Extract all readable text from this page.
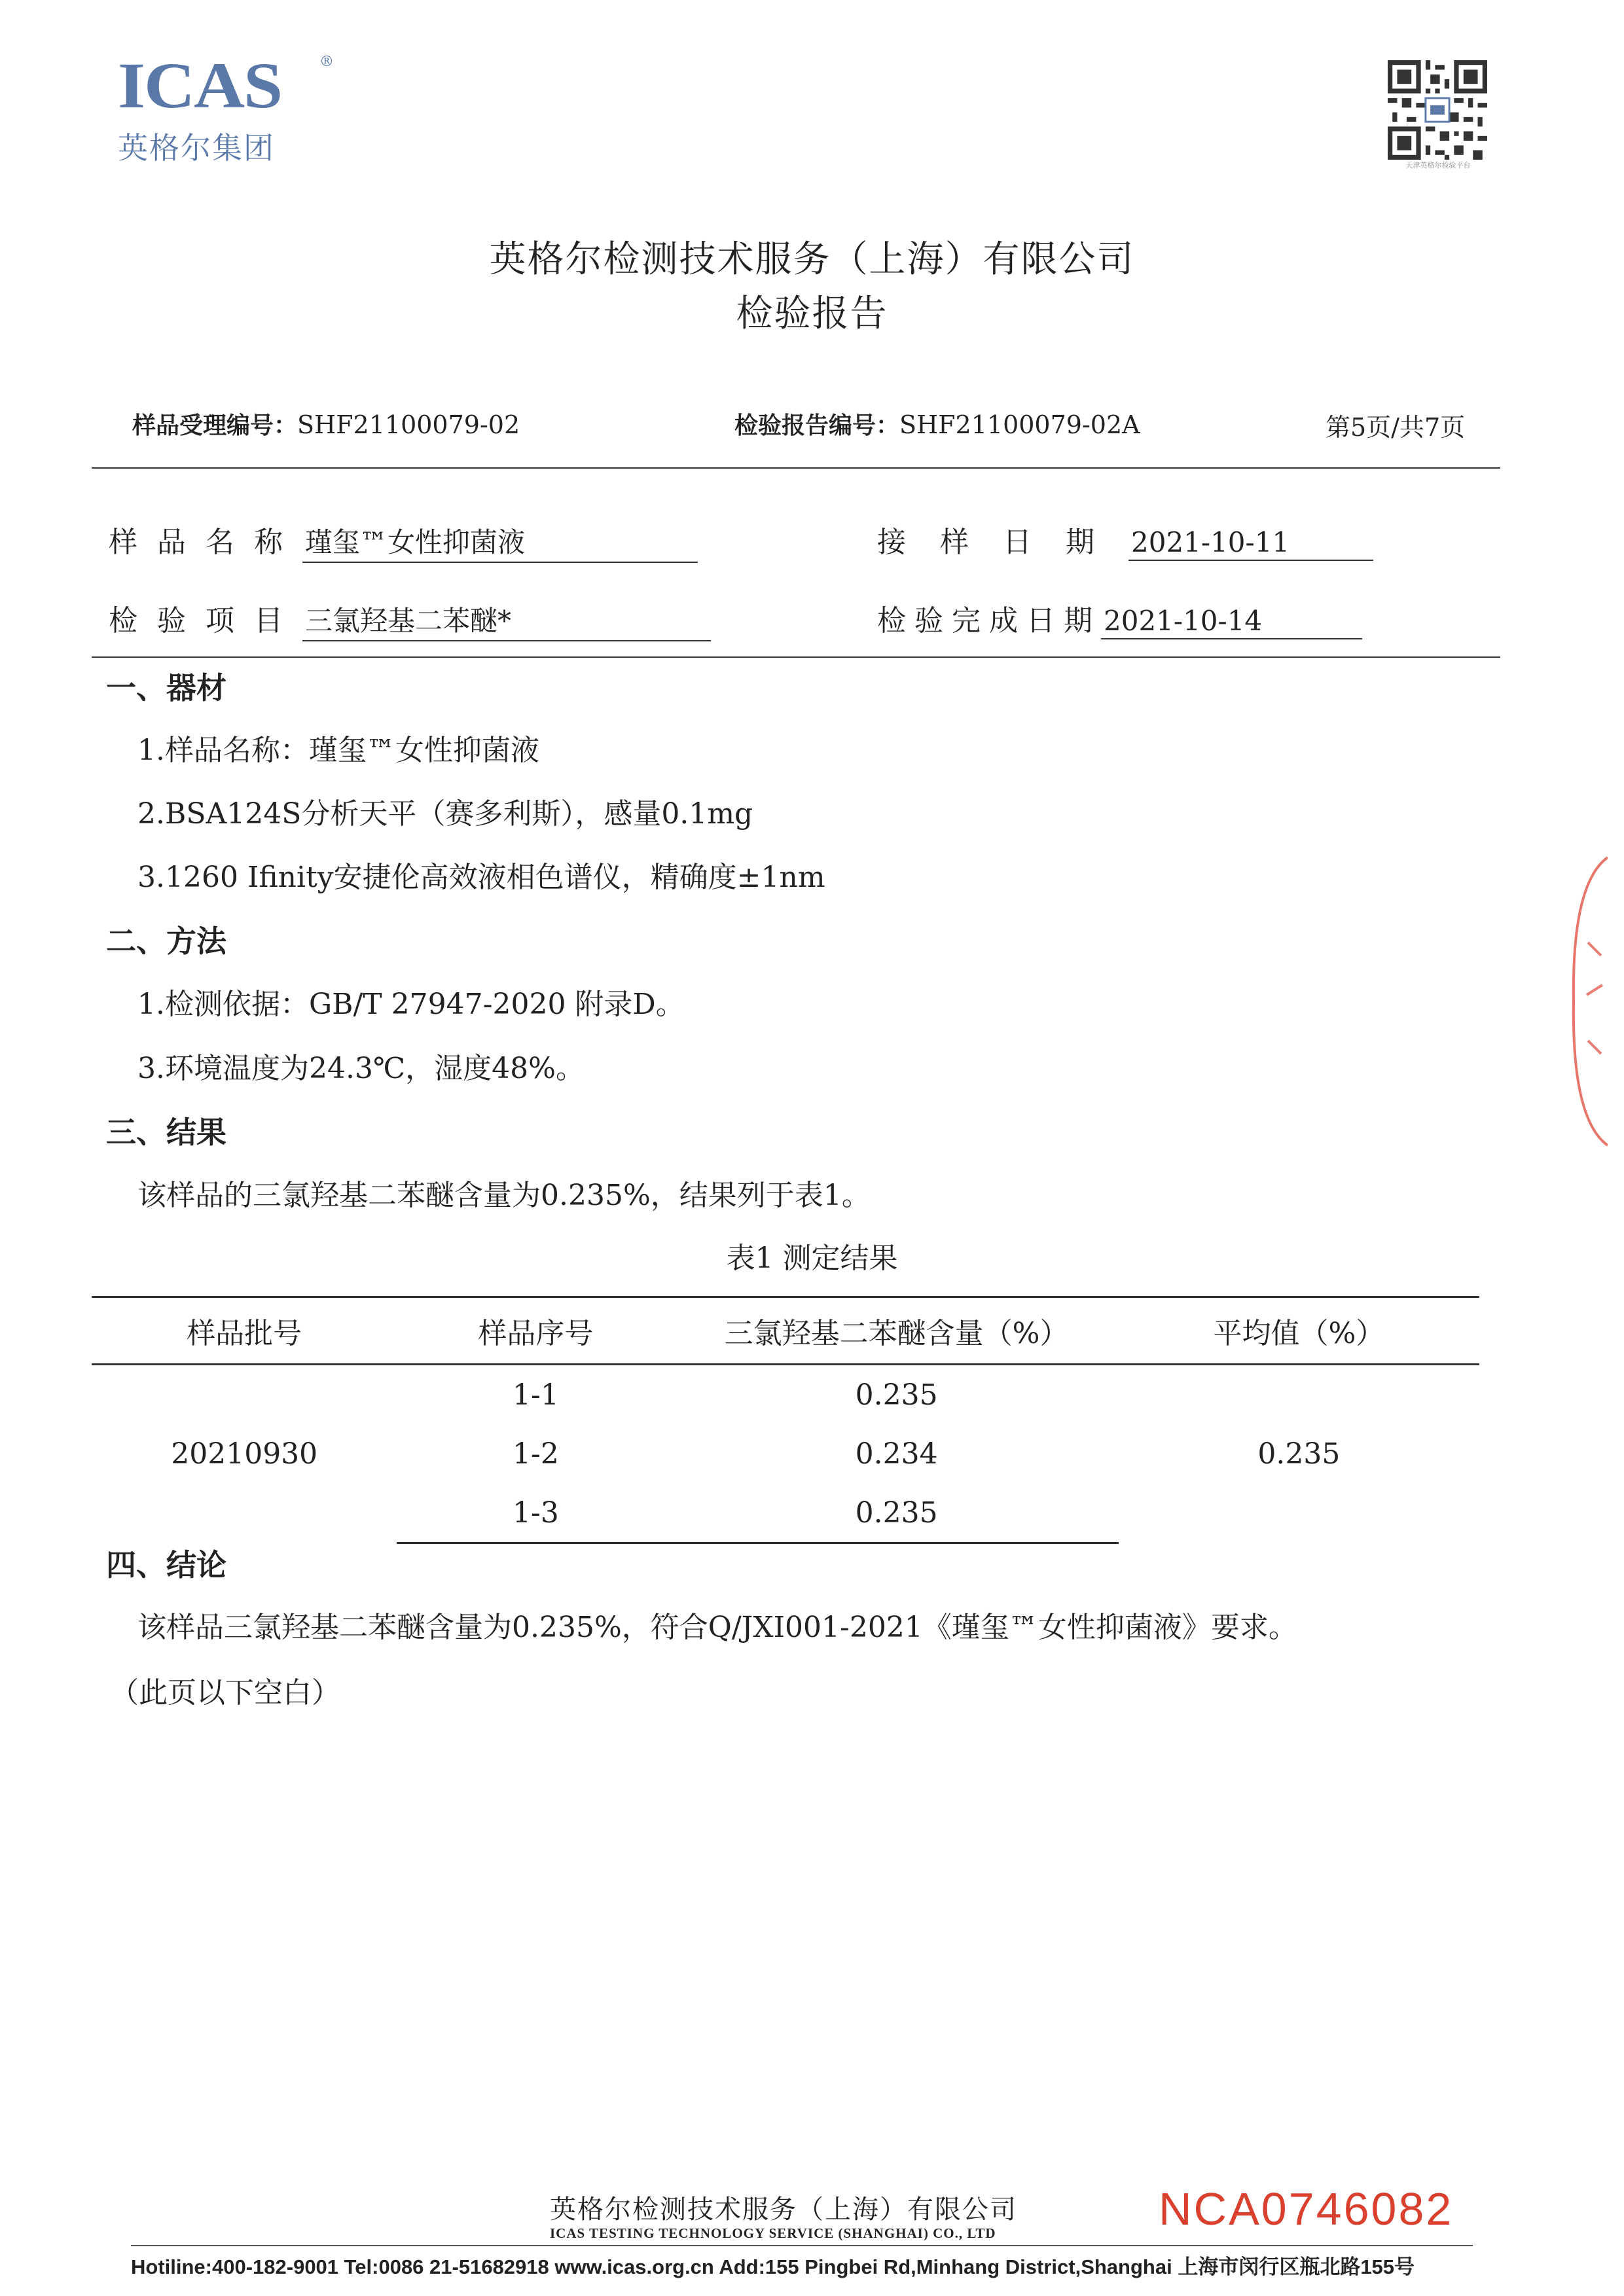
ICAS	®
英格尔集团	天津英格尔检验平台
英格尔检测技术服务（上海）有限公司
检验报告
样品受理编号：SHF21100079-02	检验报告编号：SHF21100079-02A	第5页/共7页
样品名称瑾玺™女性抑菌液	接样日期2021-10-11
检验项目三氯羟基二苯醚*	检验完成日期2021-10-14
一、器材
1.样品名称：瑾玺™女性抑菌液
2.BSA124S分析天平（赛多利斯），感量0.1mg
3.1260 Ifinity安捷伦高效液相色谱仪，精确度±1nm
二、方法
1.检测依据：GB/T 27947-2020 附录D。
3.环境温度为24.3℃，湿度48%。
三、结果
该样品的三氯羟基二苯醚含量为0.235%，结果列于表1。
表1 测定结果
样品批号	样品序号	三氯羟基二苯醚含量（%）	平均值（%）
20210930	1-1	0.235	0.235
	1-2	0.234	
	1-3	0.235	
四、结论
该样品三氯羟基二苯醚含量为0.235%，符合Q/JXI001-2021《瑾玺™女性抑菌液》要求。
（此页以下空白）
英格尔检测技术服务（上海）有限公司
ICAS TESTING TECHNOLOGY SERVICE (SHANGHAI) CO., LTD	NCA0746082
Hotiline:400-182-9001 Tel:0086 21-51682918 www.icas.org.cn Add:155 Pingbei Rd,Minhang District,Shanghai 上海市闵行区瓶北路155号
